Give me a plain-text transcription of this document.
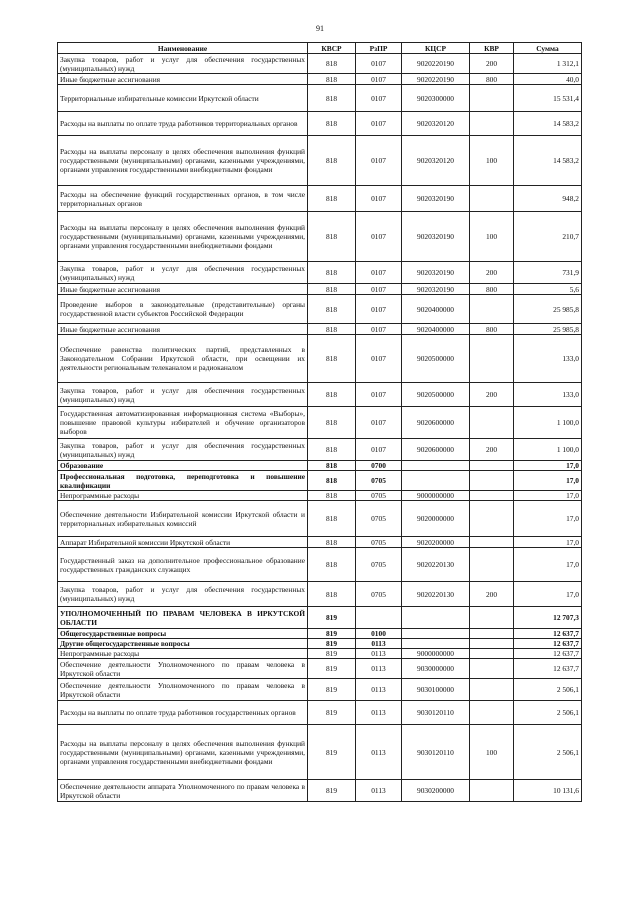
91
Наименование	КВСР	РзПР	КЦСР	КВР	Сумма
Закупка товаров, работ и услуг для обеспечения государственных (муниципальных) нужд	818	0107	9020220190	200	1 312,1
Иные бюджетные ассигнования	818	0107	9020220190	800	40,0
Территориальные избирательные комиссии Иркутской области	818	0107	9020300000		15 531,4
Расходы на выплаты по оплате труда работников территориальных органов	818	0107	9020320120		14 583,2
Расходы на выплаты персоналу в целях обеспечения выполнения функций государственными (муниципальными) органами, казенными учреждениями, органами управления государственными внебюджетными фондами	818	0107	9020320120	100	14 583,2
Расходы на обеспечение функций государственных органов, в том числе территориальных органов	818	0107	9020320190		948,2
Расходы на выплаты персоналу в целях обеспечения выполнения функций государственными (муниципальными) органами, казенными учреждениями, органами управления государственными внебюджетными фондами	818	0107	9020320190	100	210,7
Закупка товаров, работ и услуг для обеспечения государственных (муниципальных) нужд	818	0107	9020320190	200	731,9
Иные бюджетные ассигнования	818	0107	9020320190	800	5,6
Проведение выборов в законодательные (представительные) органы государственной власти субъектов Российской Федерации	818	0107	9020400000		25 985,8
Иные бюджетные ассигнования	818	0107	9020400000	800	25 985,8
Обеспечение равенства политических партий, представленных в Законодательном Собрании Иркутской области, при освещении их деятельности региональным телеканалом и радиоканалом	818	0107	9020500000		133,0
Закупка товаров, работ и услуг для обеспечения государственных (муниципальных) нужд	818	0107	9020500000	200	133,0
Государственная автоматизированная информационная система «Выборы», повышение правовой культуры избирателей и обучение организаторов выборов	818	0107	9020600000		1 100,0
Закупка товаров, работ и услуг для обеспечения государственных (муниципальных) нужд	818	0107	9020600000	200	1 100,0
Образование	818	0700			17,0
Профессиональная подготовка, переподготовка и повышение квалификации	818	0705			17,0
Непрограммные расходы	818	0705	9000000000		17,0
Обеспечение деятельности Избирательной комиссии Иркутской области и территориальных избирательных комиссий	818	0705	9020000000		17,0
Аппарат Избирательной комиссии Иркутской области	818	0705	9020200000		17,0
Государственный заказ на дополнительное профессиональное образование государственных гражданских служащих	818	0705	9020220130		17,0
Закупка товаров, работ и услуг для обеспечения государственных (муниципальных) нужд	818	0705	9020220130	200	17,0
УПОЛНОМОЧЕННЫЙ ПО ПРАВАМ ЧЕЛОВЕКА В ИРКУТСКОЙ ОБЛАСТИ	819				12 707,3
Общегосударственные вопросы	819	0100			12 637,7
Другие общегосударственные вопросы	819	0113			12 637,7
Непрограммные расходы	819	0113	9000000000		12 637,7
Обеспечение деятельности Уполномоченного по правам человека в Иркутской области	819	0113	9030000000		12 637,7
Обеспечение деятельности Уполномоченного по правам человека в Иркутской области	819	0113	9030100000		2 506,1
Расходы на выплаты по оплате труда работников государственных органов	819	0113	9030120110		2 506,1
Расходы на выплаты персоналу в целях обеспечения выполнения функций государственными (муниципальными) органами, казенными учреждениями, органами управления государственными внебюджетными фондами	819	0113	9030120110	100	2 506,1
Обеспечение деятельности аппарата Уполномоченного по правам человека в Иркутской области	819	0113	9030200000		10 131,6
